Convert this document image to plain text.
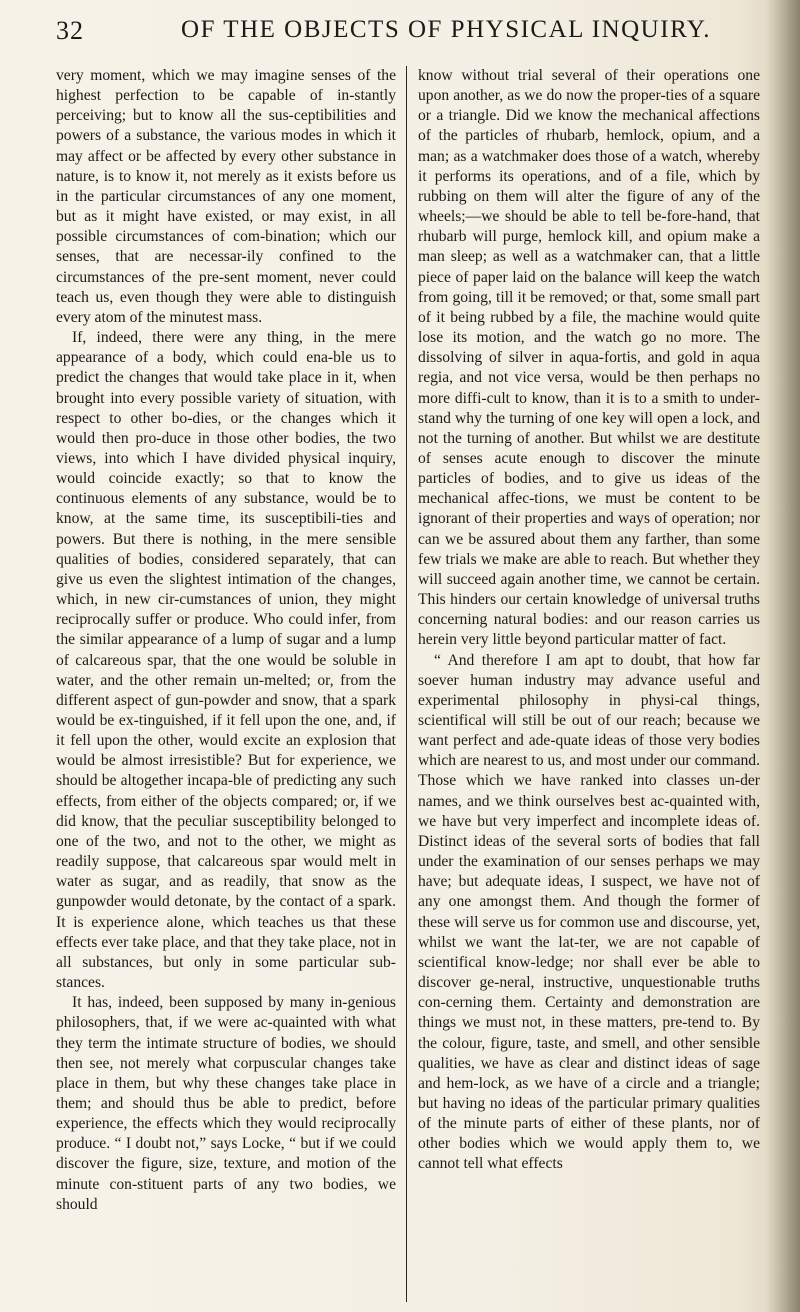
32	OF THE OBJECTS OF PHYSICAL INQUIRY.

very moment, which we may imagine senses of the highest perfection to be capable of in-stantly perceiving; but to know all the sus-ceptibilities and powers of a substance, the various modes in which it may affect or be affected by every other substance in nature, is to know it, not merely as it exists before us in the particular circumstances of any one moment, but as it might have existed, or may exist, in all possible circumstances of com-bination; which our senses, that are necessar-ily confined to the circumstances of the pre-sent moment, never could teach us, even though they were able to distinguish every atom of the minutest mass.

If, indeed, there were any thing, in the mere appearance of a body, which could ena-ble us to predict the changes that would take place in it, when brought into every possible variety of situation, with respect to other bo-dies, or the changes which it would then pro-duce in those other bodies, the two views, into which I have divided physical inquiry, would coincide exactly; so that to know the continuous elements of any substance, would be to know, at the same time, its susceptibili-ties and powers. But there is nothing, in the mere sensible qualities of bodies, considered separately, that can give us even the slightest intimation of the changes, which, in new cir-cumstances of union, they might reciprocally suffer or produce. Who could infer, from the similar appearance of a lump of sugar and a lump of calcareous spar, that the one would be soluble in water, and the other remain un-melted; or, from the different aspect of gun-powder and snow, that a spark would be ex-tinguished, if it fell upon the one, and, if it fell upon the other, would excite an explosion that would be almost irresistible? But for experience, we should be altogether incapa-ble of predicting any such effects, from either of the objects compared; or, if we did know, that the peculiar susceptibility belonged to one of the two, and not to the other, we might as readily suppose, that calcareous spar would melt in water as sugar, and as readily, that snow as the gunpowder would detonate, by the contact of a spark. It is experience alone, which teaches us that these effects ever take place, and that they take place, not in all substances, but only in some particular sub-stances.

It has, indeed, been supposed by many in-genious philosophers, that, if we were ac-quainted with what they term the intimate structure of bodies, we should then see, not merely what corpuscular changes take place in them, but why these changes take place in them; and should thus be able to predict, before experience, the effects which they would reciprocally produce. “ I doubt not,” says Locke, “ but if we could discover the figure, size, texture, and motion of the minute con-stituent parts of any two bodies, we should

know without trial several of their operations one upon another, as we do now the proper-ties of a square or a triangle. Did we know the mechanical affections of the particles of rhubarb, hemlock, opium, and a man; as a watchmaker does those of a watch, whereby it performs its operations, and of a file, which by rubbing on them will alter the figure of any of the wheels;—we should be able to tell be-fore-hand, that rhubarb will purge, hemlock kill, and opium make a man sleep; as well as a watchmaker can, that a little piece of paper laid on the balance will keep the watch from going, till it be removed; or that, some small part of it being rubbed by a file, the machine would quite lose its motion, and the watch go no more. The dissolving of silver in aqua-fortis, and gold in aqua regia, and not vice versa, would be then perhaps no more diffi-cult to know, than it is to a smith to under-stand why the turning of one key will open a lock, and not the turning of another. But whilst we are destitute of senses acute enough to discover the minute particles of bodies, and to give us ideas of the mechanical affec-tions, we must be content to be ignorant of their properties and ways of operation; nor can we be assured about them any farther, than some few trials we make are able to reach. But whether they will succeed again another time, we cannot be certain. This hinders our certain knowledge of universal truths concerning natural bodies: and our reason carries us herein very little beyond particular matter of fact.

“ And therefore I am apt to doubt, that how far soever human industry may advance useful and experimental philosophy in physi-cal things, scientifical will still be out of our reach; because we want perfect and ade-quate ideas of those very bodies which are nearest to us, and most under our command. Those which we have ranked into classes un-der names, and we think ourselves best ac-quainted with, we have but very imperfect and incomplete ideas of. Distinct ideas of the several sorts of bodies that fall under the examination of our senses perhaps we may have; but adequate ideas, I suspect, we have not of any one amongst them. And though the former of these will serve us for common use and discourse, yet, whilst we want the lat-ter, we are not capable of scientifical know-ledge; nor shall ever be able to discover ge-neral, instructive, unquestionable truths con-cerning them. Certainty and demonstration are things we must not, in these matters, pre-tend to. By the colour, figure, taste, and smell, and other sensible qualities, we have as clear and distinct ideas of sage and hem-lock, as we have of a circle and a triangle; but having no ideas of the particular primary qualities of the minute parts of either of these plants, nor of other bodies which we would apply them to, we cannot tell what effects
